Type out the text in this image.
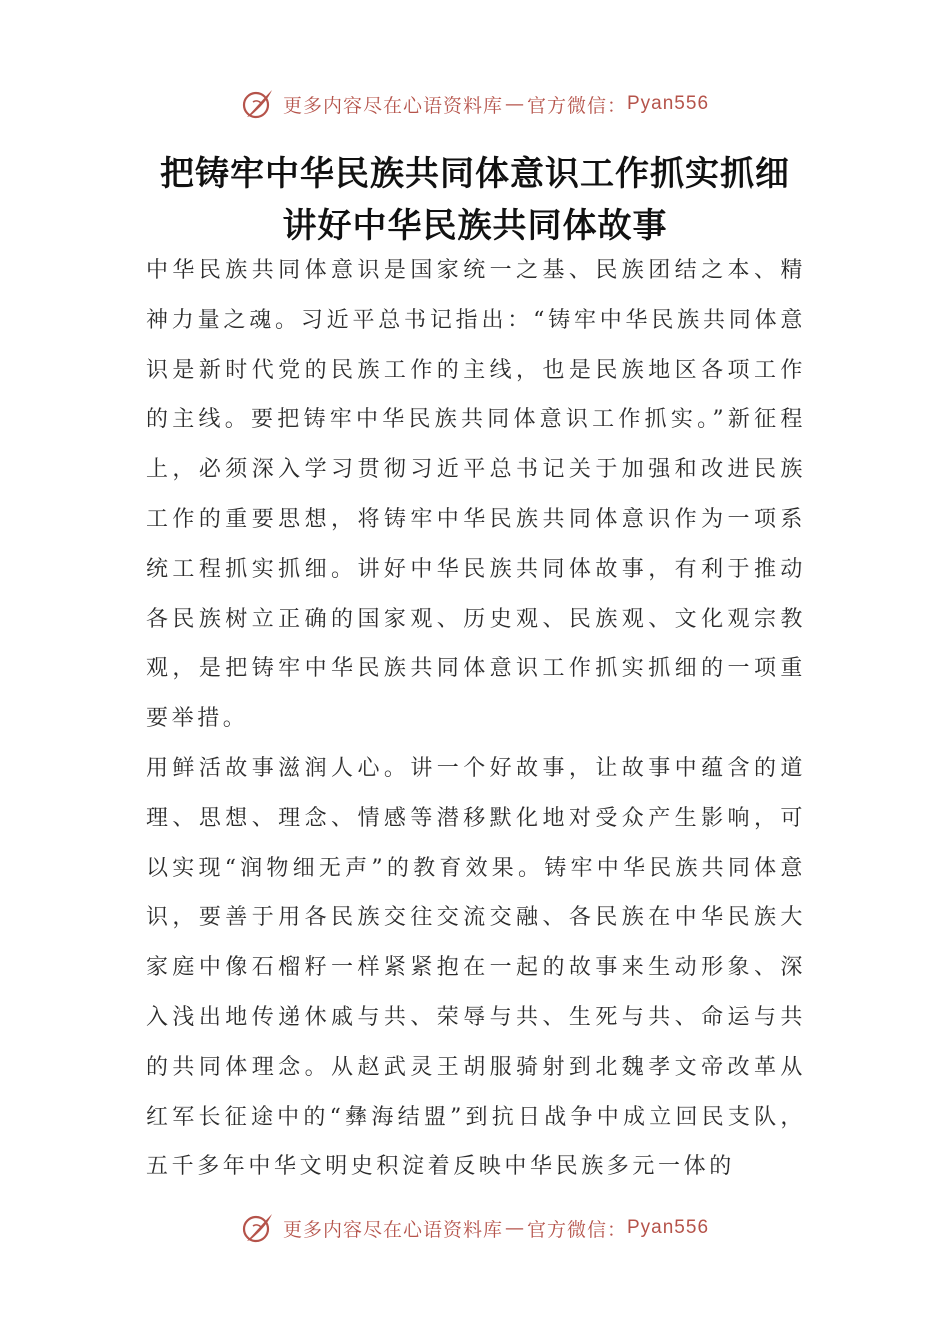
更多内容尽在心语资料库 — 官方微信： Pyan556
把铸牢中华民族共同体意识工作抓实抓细
讲好中华民族共同体故事

中华民族共同体意识是国家统一之基、民族团结之本、精神力量之魂。习近平总书记指出：“铸牢中华民族共同体意识是新时代党的民族工作的主线，也是民族地区各项工作的主线。要把铸牢中华民族共同体意识工作抓实。”新征程上，必须深入学习贯彻习近平总书记关于加强和改进民族工作的重要思想，将铸牢中华民族共同体意识作为一项系统工程抓实抓细。讲好中华民族共同体故事，有利于推动各民族树立正确的国家观、历史观、民族观、文化观宗教观，是把铸牢中华民族共同体意识工作抓实抓细的一项重要举措。

用鲜活故事滋润人心。讲一个好故事，让故事中蕴含的道理、思想、理念、情感等潜移默化地对受众产生影响，可以实现“润物细无声”的教育效果。铸牢中华民族共同体意识，要善于用各民族交往交流交融、各民族在中华民族大家庭中像石榴籽一样紧紧抱在一起的故事来生动形象、深入浅出地传递休戚与共、荣辱与共、生死与共、命运与共的共同体理念。从赵武灵王胡服骑射到北魏孝文帝改革从红军长征途中的“彝海结盟”到抗日战争中成立回民支队，五千多年中华文明史积淀着反映中华民族多元一体的

更多内容尽在心语资料库 — 官方微信： Pyan556
